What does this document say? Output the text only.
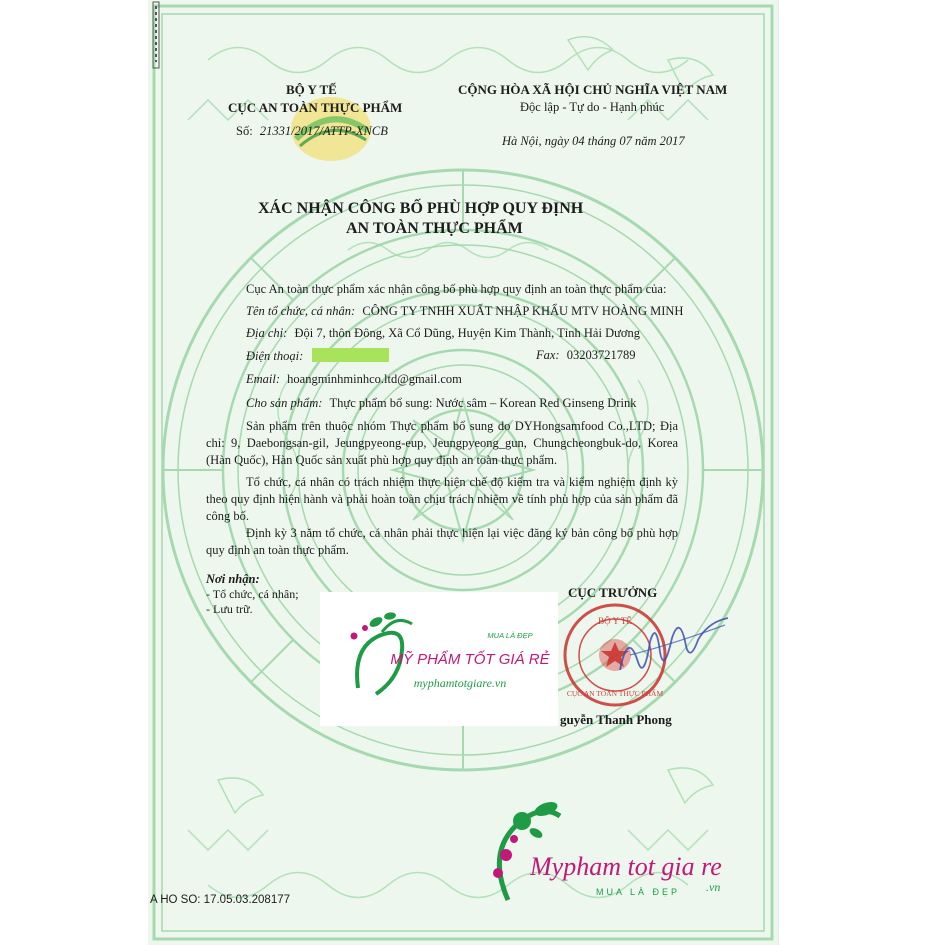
BỘ Y TẾ
CỤC AN TOÀN THỰC PHẨM
Số: 21331/2017/ATTP-XNCB
CỘNG HÒA XÃ HỘI CHỦ NGHĨA VIỆT NAM
Độc lập - Tự do - Hạnh phúc
Hà Nội, ngày 04 tháng 07 năm 2017
XÁC NHẬN CÔNG BỐ PHÙ HỢP QUY ĐỊNH
AN TOÀN THỰC PHẨM
Cục An toàn thực phẩm xác nhận công bố phù hợp quy định an toàn thực phẩm của:
Tên tổ chức, cá nhân: CÔNG TY TNHH XUẤT NHẬP KHẨU MTV HOÀNG MINH
Địa chỉ: Đội 7, thôn Đông, Xã Cổ Dũng, Huyện Kim Thành, Tỉnh Hải Dương
Điện thoại:	Fax: 03203721789
Email: hoangminhminhco.ltd@gmail.com
Cho sản phẩm: Thực phẩm bổ sung: Nước sâm – Korean Red Ginseng Drink
Sản phẩm trên thuộc nhóm Thực phẩm bổ sung do DYHongsamfood Co.,LTD; Địa chỉ: 9, Daebongsan-gil, Jeungpyeong-eup, Jeungpyeong_gun, Chungcheongbuk-do, Korea (Hàn Quốc), Hàn Quốc sản xuất phù hợp quy định an toàn thực phẩm.
Tổ chức, cá nhân có trách nhiệm thực hiện chế độ kiểm tra và kiểm nghiệm định kỳ theo quy định hiện hành và phải hoàn toàn chịu trách nhiệm về tính phù hợp của sản phẩm đã công bố.
Định kỳ 3 năm tổ chức, cá nhân phải thực hiện lại việc đăng ký bản công bố phù hợp quy định an toàn thực phẩm.
Nơi nhận:
- Tổ chức, cá nhân;
- Lưu trữ.
CỤC TRƯỞNG
BỘ Y TẾ
CỤC AN TOÀN THỰC PHẨM
guyễn Thanh Phong
MUA LÀ ĐẸP
MỸ PHẨM TỐT GIÁ RẺ
myphamtotgiare.vn
Mypham tot gia re
.vn
MUA LÀ ĐẸP
A HO SO: 17.05.03.208177
